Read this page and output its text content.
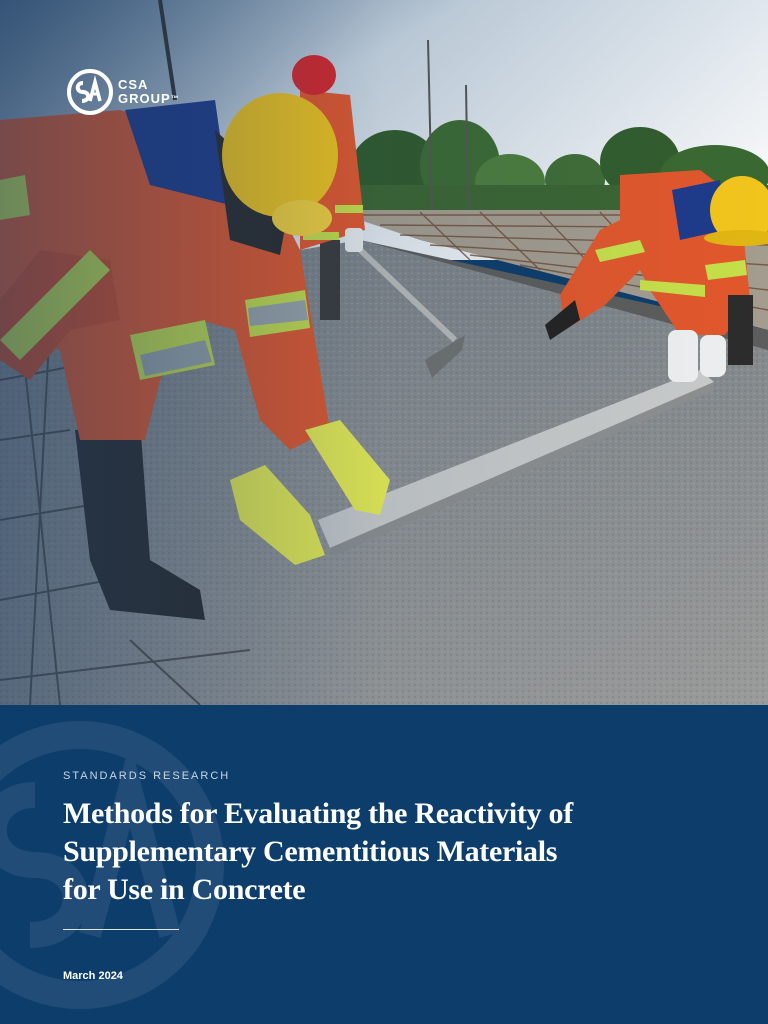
CSA
GROUP™
STANDARDS RESEARCH
Methods for Evaluating the Reactivity of
Supplementary Cementitious Materials
for Use in Concrete
March 2024
